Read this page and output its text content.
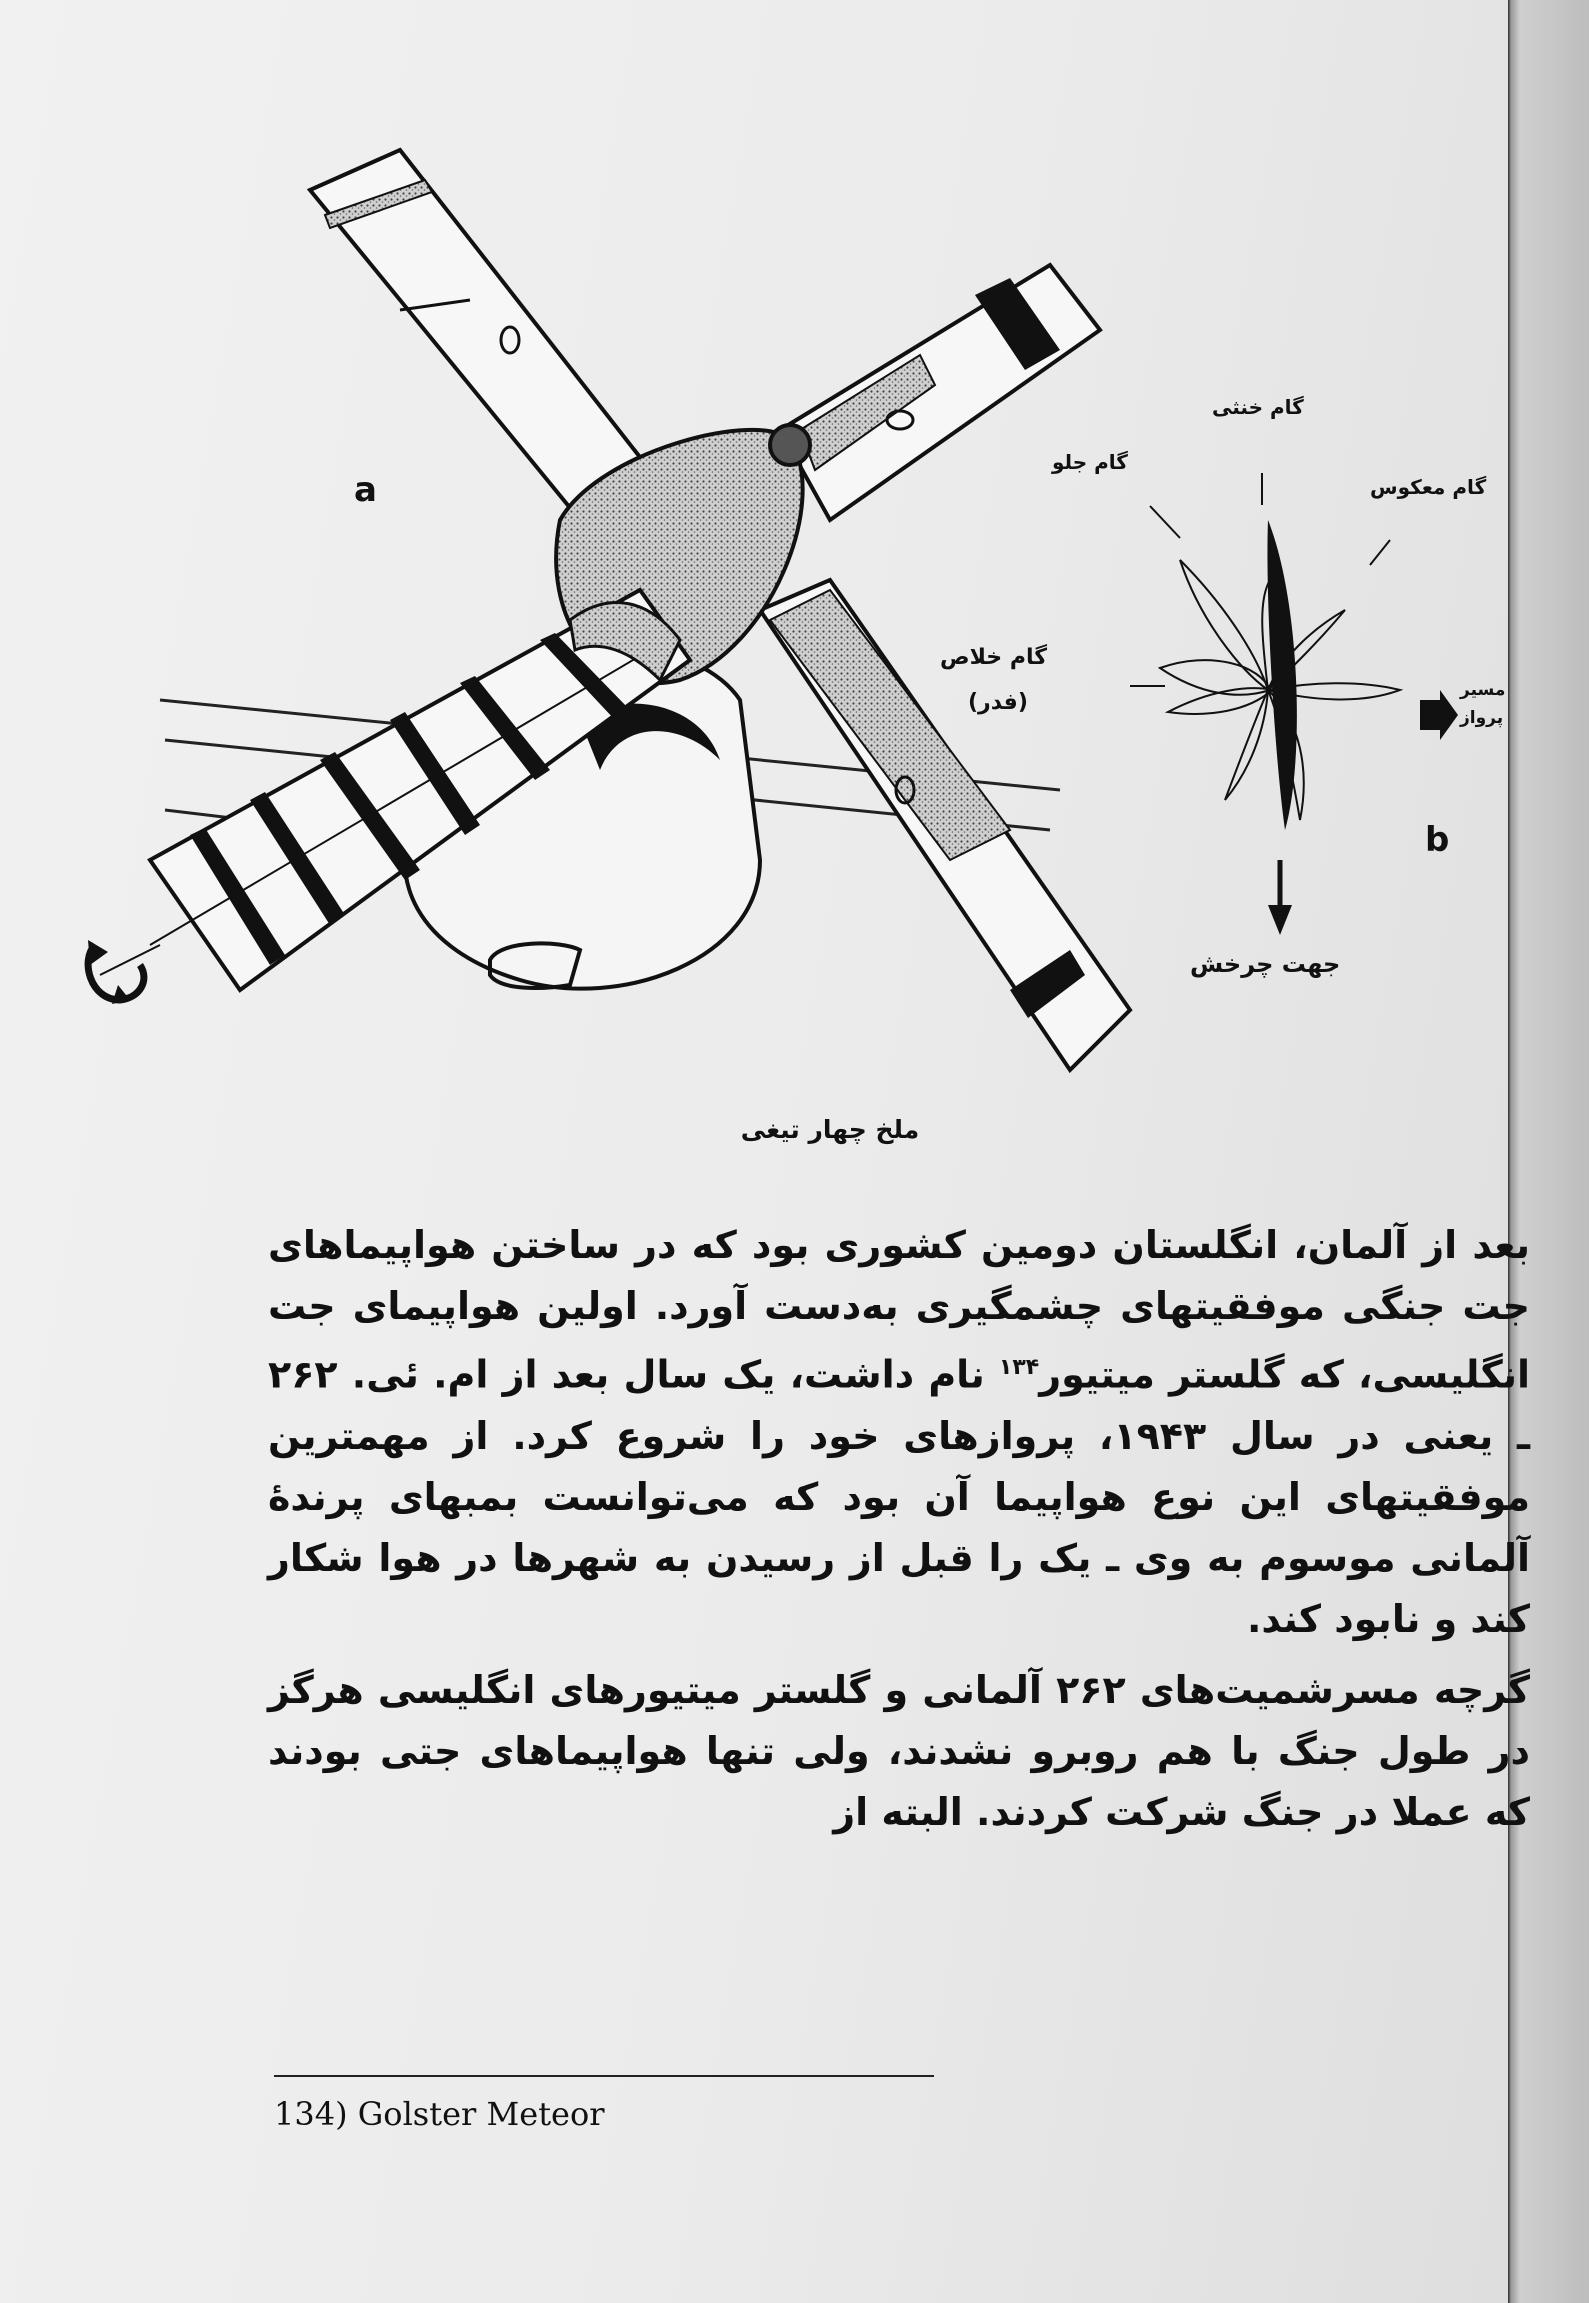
a
b
گام خنثی
گام جلو
گام معکوس
گام خلاص
(فدر)	مسیر
پرواز
جهت چرخش
ملخ چهار تیغی

بعد از آلمان، انگلستان دومین کشوری بود که در ساختن هواپیماهای جت جنگی موفقیتهای چشمگیری به‌دست آورد. اولین هواپیمای جت انگلیسی، که گلستر میتیور$^{۱۳۴}$ نام داشت، یک سال بعد از ام. ئی. ۲۶۲ ـ یعنی در سال ۱۹۴۳، پروازهای خود را شروع کرد. از مهمترین موفقیتهای این نوع هواپیما آن بود که می‌توانست بمبهای پرندهٔ آلمانی موسوم به وی ـ یک را قبل از رسیدن به شهرها در هوا شکار کند و نابود کند.

گرچه مسرشمیت‌های ۲۶۲ آلمانی و گلستر میتیورهای انگلیسی هرگز در طول جنگ با هم روبرو نشدند، ولی تنها هواپیماهای جتی بودند که عملا در جنگ شرکت کردند. البته از

134) Golster Meteor
